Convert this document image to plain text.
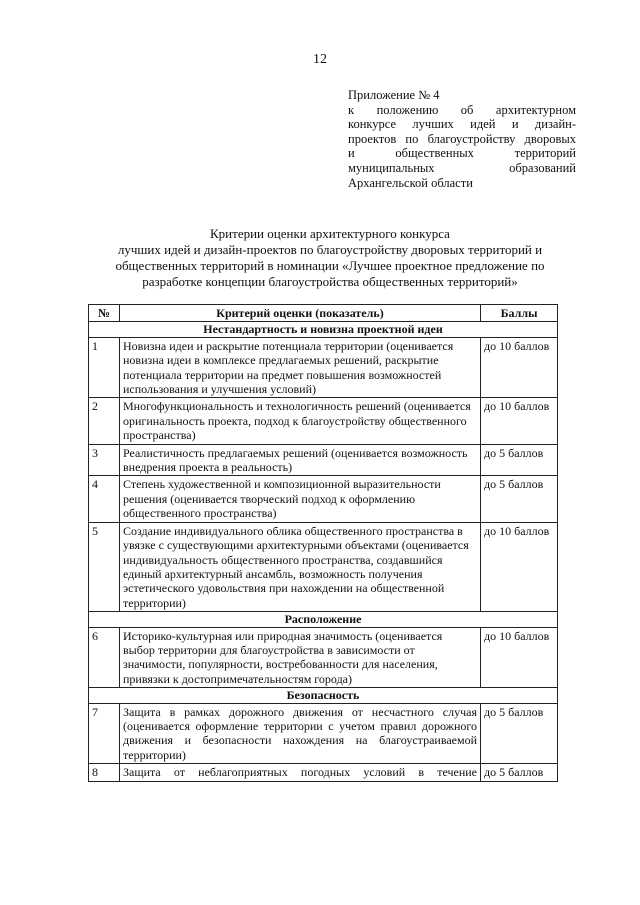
12
Приложение № 4
к положению об архитектурном
конкурсе лучших идей и дизайн-
проектов по благоустройству дворовых
и общественных территорий
муниципальных образований
Архангельской области
Критерии оценки архитектурного конкурса
лучших идей и дизайн-проектов по благоустройству дворовых территорий и
общественных территорий в номинации «Лучшее проектное предложение по
разработке концепции благоустройства общественных территорий»
№	Критерий оценки (показатель)	Баллы
Нестандартность и новизна проектной идеи		
1	Новизна идеи и раскрытие потенциала территории (оценивается новизна идеи в комплексе предлагаемых решений, раскрытие потенциала территории на предмет повышения возможностей использования и улучшения условий)	до 10 баллов
2	Многофункциональность и технологичность решений (оценивается оригинальность проекта, подход к благоустройству общественного пространства)	до 10 баллов
3	Реалистичность предлагаемых решений (оценивается возможность внедрения проекта в реальность)	до 5 баллов
4	Степень художественной и композиционной выразительности решения (оценивается творческий подход к оформлению общественного пространства)	до 5 баллов
5	Создание индивидуального облика общественного пространства в увязке с существующими архитектурными объектами (оценивается индивидуальность общественного пространства, создавшийся единый архитектурный ансамбль, возможность получения эстетического удовольствия при нахождении на общественной территории)	до 10 баллов
Расположение		
6	Историко-культурная или природная значимость (оценивается выбор территории для благоустройства в зависимости от значимости, популярности, востребованности для населения, привязки к достопримечательностям города)	до 10 баллов
Безопасность		
7	Защита в рамках дорожного движения от несчастного случая (оценивается оформление территории с учетом правил дорожного движения и безопасности нахождения на благоустраиваемой территории)	до 5 баллов
8	Защита от неблагоприятных погодных условий в течение	до 5 баллов
